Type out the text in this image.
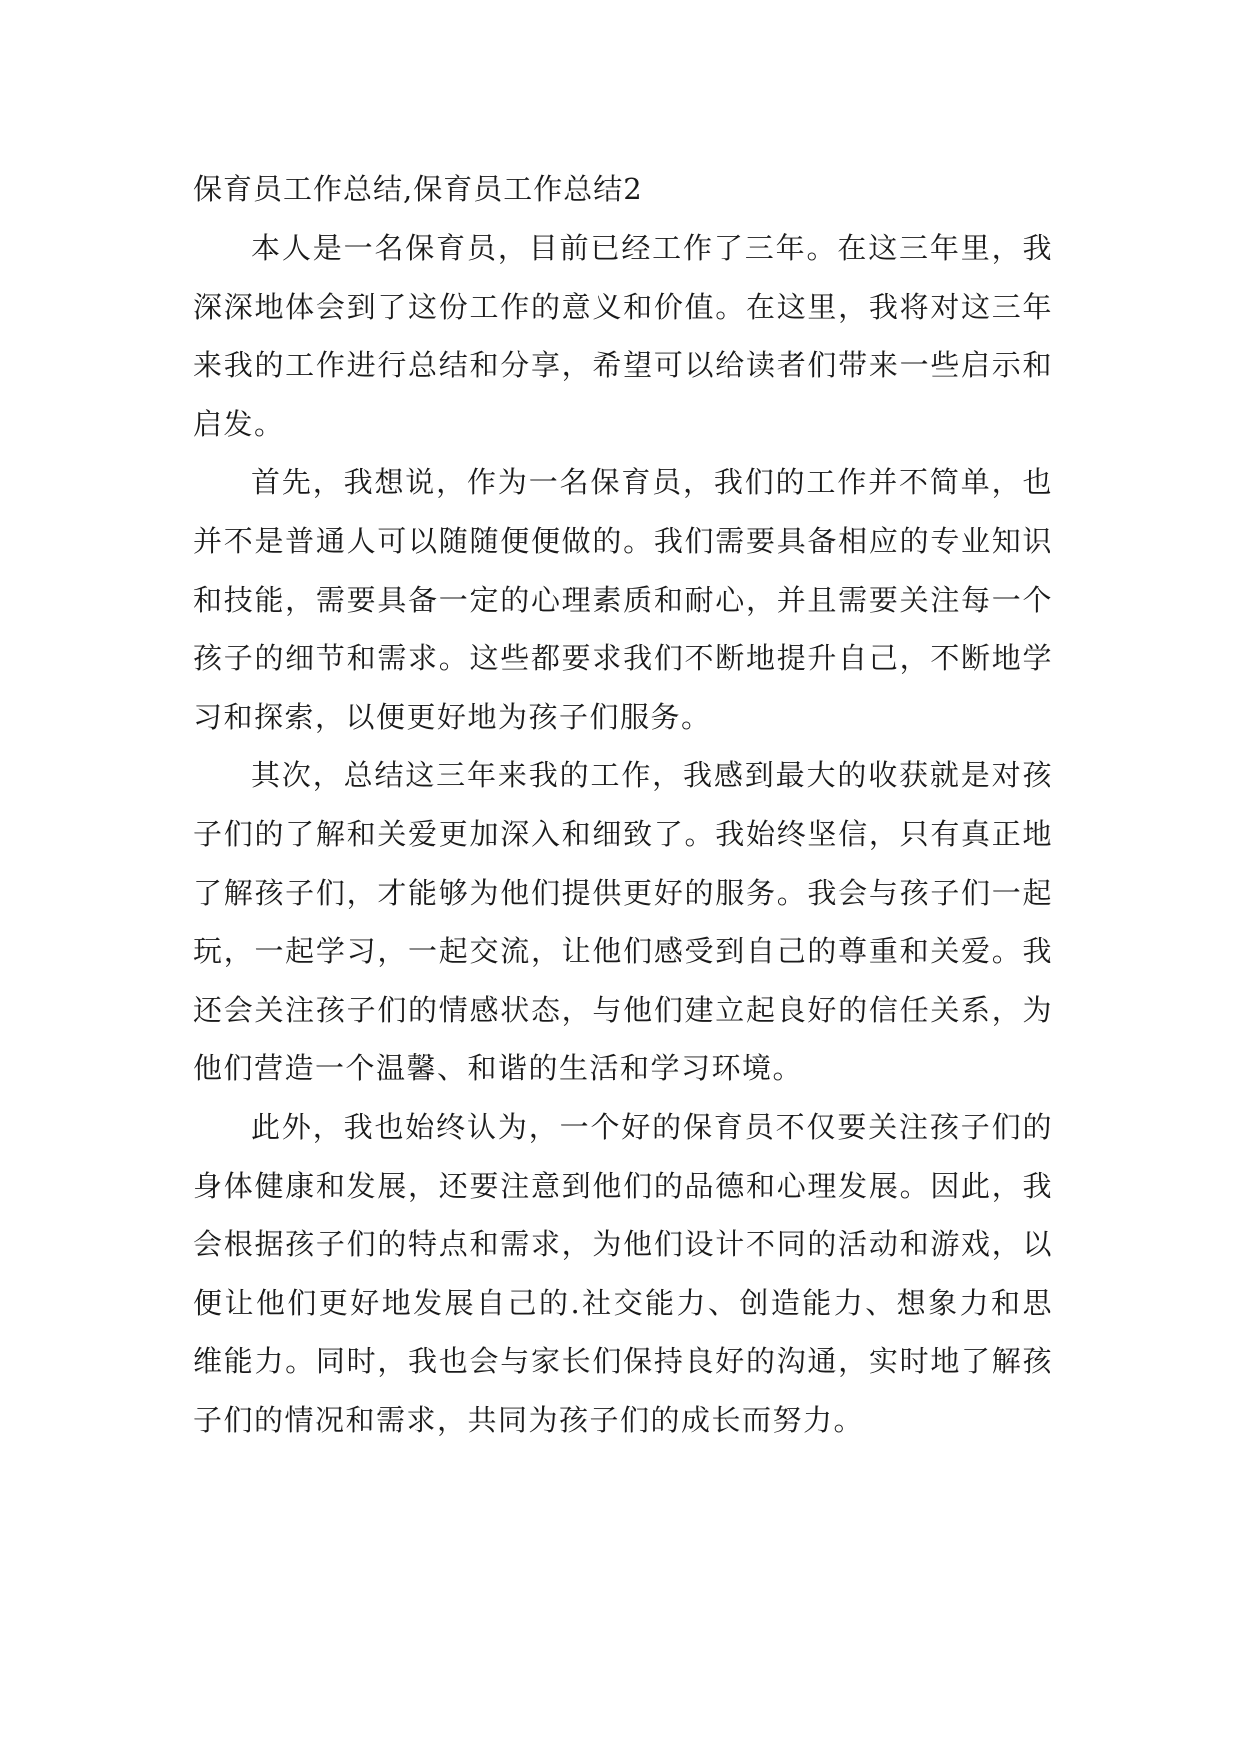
保育员工作总结,保育员工作总结2

本人是一名保育员，目前已经工作了三年。在这三年里，我深深地体会到了这份工作的意义和价值。在这里，我将对这三年来我的工作进行总结和分享，希望可以给读者们带来一些启示和启发。

首先，我想说，作为一名保育员，我们的工作并不简单，也并不是普通人可以随随便便做的。我们需要具备相应的专业知识和技能，需要具备一定的心理素质和耐心，并且需要关注每一个孩子的细节和需求。这些都要求我们不断地提升自己，不断地学习和探索，以便更好地为孩子们服务。

其次，总结这三年来我的工作，我感到最大的收获就是对孩子们的了解和关爱更加深入和细致了。我始终坚信，只有真正地了解孩子们，才能够为他们提供更好的服务。我会与孩子们一起玩，一起学习，一起交流，让他们感受到自己的尊重和关爱。我还会关注孩子们的情感状态，与他们建立起良好的信任关系，为他们营造一个温馨、和谐的生活和学习环境。

此外，我也始终认为，一个好的保育员不仅要关注孩子们的身体健康和发展，还要注意到他们的品德和心理发展。因此，我会根据孩子们的特点和需求，为他们设计不同的活动和游戏，以便让他们更好地发展自己的.社交能力、创造能力、想象力和思维能力。同时，我也会与家长们保持良好的沟通，实时地了解孩子们的情况和需求，共同为孩子们的成长而努力。
